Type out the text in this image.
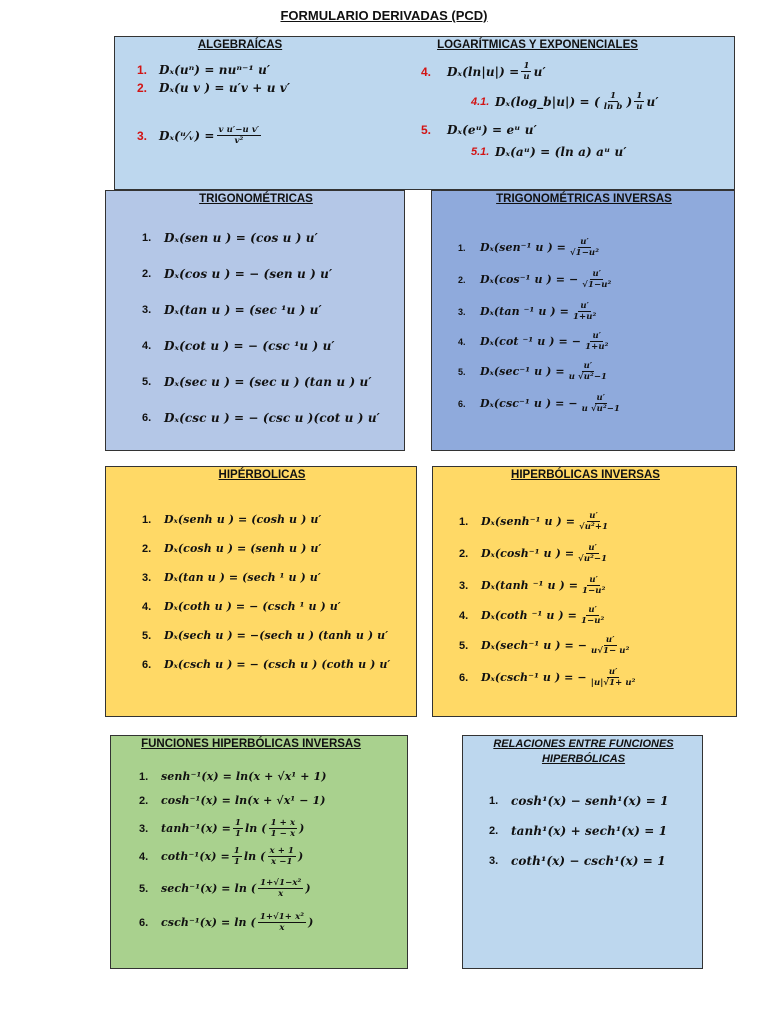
FORMULARIO DERIVADAS (PCD)
ALGEBRAÍCAS	LOGARÍTMICAS Y EXPONENCIALES
1. Dₓ(uⁿ) = nuⁿ⁻¹ u′
2. Dₓ(u v ) = u′v + u v′
3. Dₓ(ᵘ⁄ᵥ) = $\frac{\text{v u′−u v′}}{\text{v²}}$
4.	$D_x(\ln|u|) = \frac{1}{u} u'$
4.1. Dₓ(log_b|u|) = ( 1
ln b ) 1
u u′
5.	Dₓ(eᵘ) = eᵘ u′
5.1. Dₓ(aᵘ) = (ln a) aᵘ u′
TRIGONOMÉTRICAS
1.	Dₓ(sen u ) = (cos u ) u′
2.	Dₓ(cos u ) = − (sen u ) u′
3.	Dₓ(tan u ) = (sec ¹u ) u′
4.	Dₓ(cot u ) = − (csc ¹u ) u′
5.	Dₓ(sec u ) = (sec u ) (tan u ) u′
6.	Dₓ(csc u ) = − (csc u )(cot u ) u′
TRIGONOMÉTRICAS INVERSAS
1.	Dₓ(sen⁻¹ u ) = $\frac{u'}{\text{√1−u²}}$
2.	Dₓ(cos⁻¹ u ) = − $\frac{u'}{\text{√1−u²}}$
3.	Dₓ(tan ⁻¹ u ) = $\frac{u'}{\text{1+u²}}$
4.	Dₓ(cot ⁻¹ u ) = − $\frac{u'}{\text{1+u²}}$
5.	Dₓ(sec⁻¹ u ) = $\frac{u'}{\text{u √u²−1}}$
6.	Dₓ(csc⁻¹ u ) = − $\frac{u'}{\text{u √u²−1}}$
HIPÉRBOLICAS
1.	Dₓ(senh u ) = (cosh u ) u′
2.	Dₓ(cosh u ) = (senh u ) u′
3.	Dₓ(tan u ) = (sech ¹ u ) u′
4.	Dₓ(coth u ) = − (csch ¹ u ) u′
5.	Dₓ(sech u ) = −(sech u ) (tanh u ) u′
6.	Dₓ(csch u ) = − (csch u ) (coth u ) u′
HIPERBÓLICAS INVERSAS
1.	Dₓ(senh⁻¹ u ) = $\frac{u'}{\text{√u²+1}}$
2.	Dₓ(cosh⁻¹ u ) = $\frac{u'}{\text{√u²−1}}$
3.	Dₓ(tanh ⁻¹ u ) = $\frac{u'}{\text{1−u²}}$
4.	Dₓ(coth ⁻¹ u ) = $\frac{u'}{\text{1−u²}}$
5.	Dₓ(sech⁻¹ u ) = − $\frac{u'}{\text{u√1− u²}}$
6.	Dₓ(csch⁻¹ u ) = − $\frac{u'}{\text{|u|√1+ u²}}$
FUNCIONES HIPERBÓLICAS INVERSAS
1.	senh⁻¹(x) = ln(x + √x¹ + 1)
2.	cosh⁻¹(x) = ln(x + √x¹ − 1)
3.	$\tanh^{-1}(x) = \frac{1}{1}$ ln ( 1 + x
1 − x )
4.	$\cot h^{-1}(x) = \frac{1}{1}$ ln ( x + 1
x −1 )
5.	sech⁻¹(x) = ln ( 1+√1−x²
x )
6.	csch⁻¹(x) = ln ( 1+√1+ x²
x )
RELACIONES ENTRE FUNCIONES
HIPERBÓLICAS
1.	cosh¹(x) − senh¹(x) = 1
2.	tanh¹(x) + sech¹(x) = 1
3.	coth¹(x) − csch¹(x) = 1
